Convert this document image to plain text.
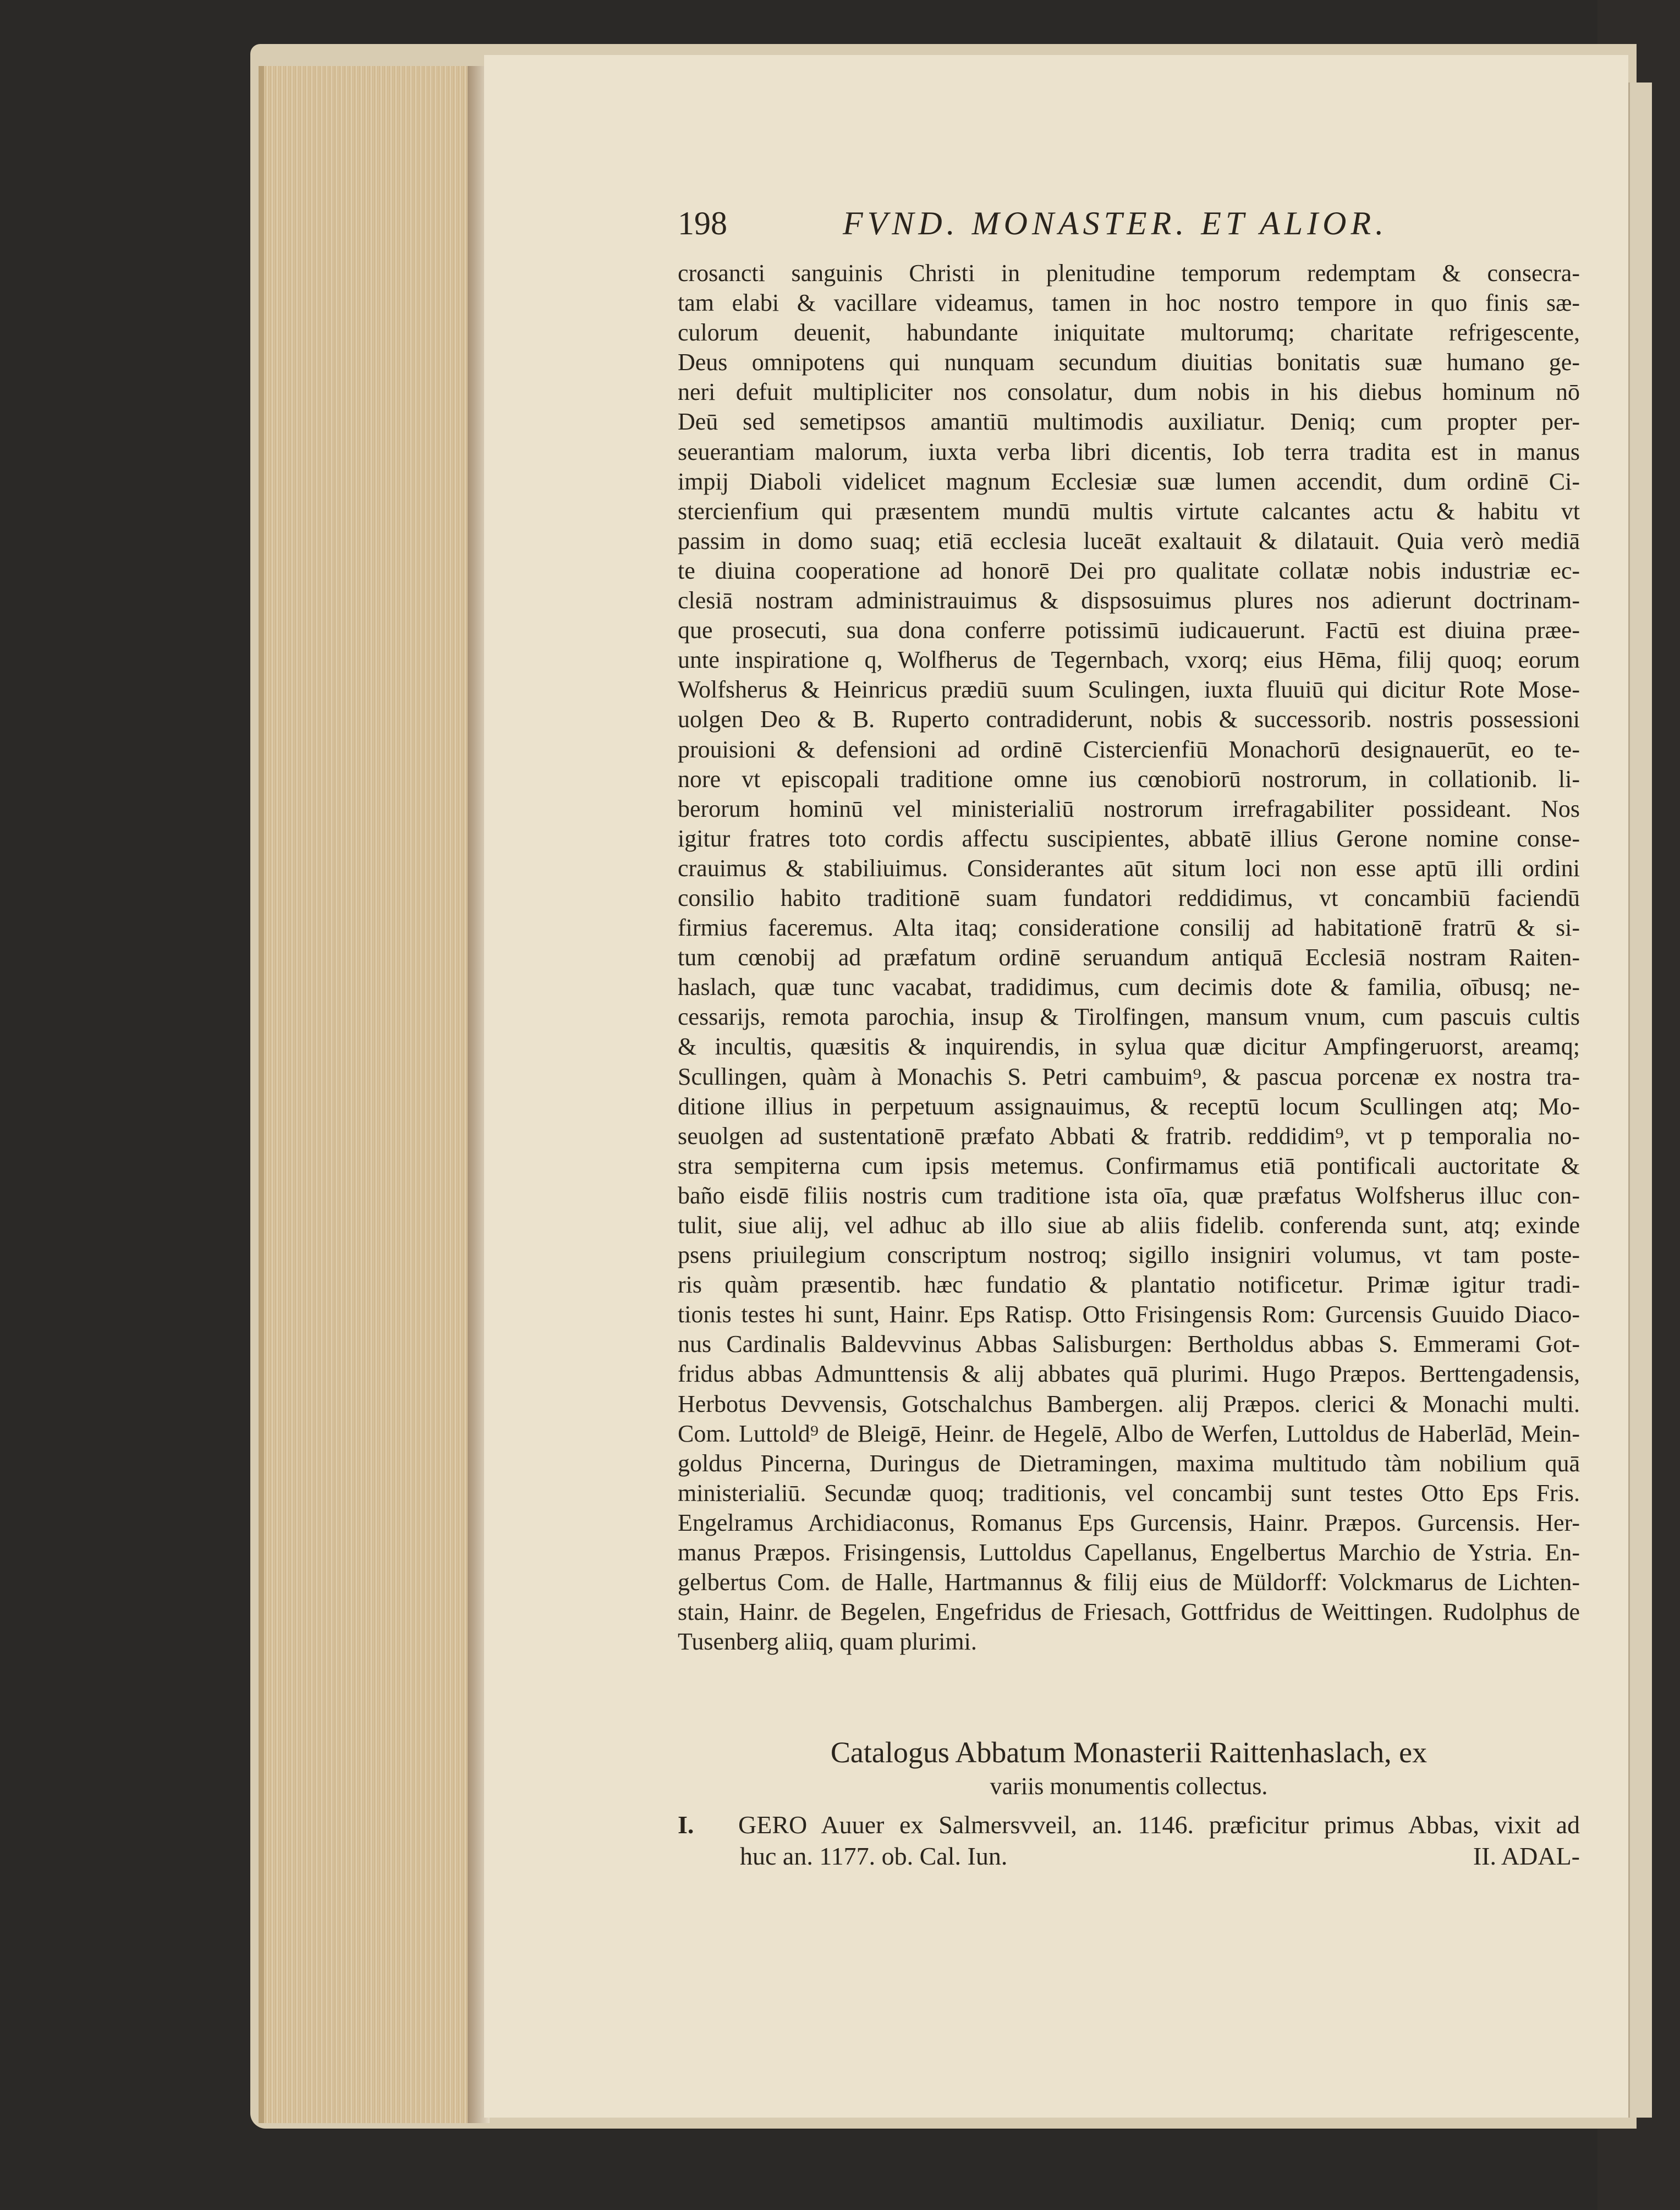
198	FVND. MONASTER. ET ALIOR.
crosancti sanguinis Christi in plenitudine temporum redemptam & consecra-
tam elabi & vacillare videamus, tamen in hoc nostro tempore in quo finis sæ-
culorum deuenit, habundante iniquitate multorumq; charitate refrigescente,
Deus omnipotens qui nunquam secundum diuitias bonitatis suæ humano ge-
neri defuit multipliciter nos consolatur, dum nobis in his diebus hominum nō
Deū sed semetipsos amantiū multimodis auxiliatur. Deniq; cum propter per-
seuerantiam malorum, iuxta verba libri dicentis, Iob terra tradita est in manus
impij Diaboli videlicet magnum Ecclesiæ suæ lumen accendit, dum ordinē Ci-
stercienfium qui præsentem mundū multis virtute calcantes actu & habitu vt
passim in domo suaq; etiā ecclesia luceāt exaltauit & dilatauit. Quia verò mediā
te diuina cooperatione ad honorē Dei pro qualitate collatæ nobis industriæ ec-
clesiā nostram administrauimus & dispsosuimus plures nos adierunt doctrinam-
que prosecuti, sua dona conferre potissimū iudicauerunt. Factū est diuina præe-
unte inspiratione q, Wolfherus de Tegernbach, vxorq; eius Hēma, filij quoq; eorum
Wolfsherus & Heinricus prædiū suum Sculingen, iuxta fluuiū qui dicitur Rote Mose-
uolgen Deo & B. Ruperto contradiderunt, nobis & successorib. nostris possessioni
prouisioni & defensioni ad ordinē Cistercienfiū Monachorū designauerūt, eo te-
nore vt episcopali traditione omne ius cœnobiorū nostrorum, in collationib. li-
berorum hominū vel ministerialiū nostrorum irrefragabiliter possideant. Nos
igitur fratres toto cordis affectu suscipientes, abbatē illius Gerone nomine conse-
crauimus & stabiliuimus. Considerantes aūt situm loci non esse aptū illi ordini
consilio habito traditionē suam fundatori reddidimus, vt concambiū faciendū
firmius faceremus. Alta itaq; consideratione consilij ad habitationē fratrū & si-
tum cœnobij ad præfatum ordinē seruandum antiquā Ecclesiā nostram Raiten-
haslach, quæ tunc vacabat, tradidimus, cum decimis dote & familia, oībusq; ne-
cessarijs, remota parochia, insup & Tirolfingen, mansum vnum, cum pascuis cultis
& incultis, quæsitis & inquirendis, in sylua quæ dicitur Ampfingeruorst, areamq;
Scullingen, quàm à Monachis S. Petri cambuim⁹, & pascua porcenæ ex nostra tra-
ditione illius in perpetuum assignauimus, & receptū locum Scullingen atq; Mo-
seuolgen ad sustentationē præfato Abbati & fratrib. reddidim⁹, vt p temporalia no-
stra sempiterna cum ipsis metemus. Confirmamus etiā pontificali auctoritate &
baño eisdē filiis nostris cum traditione ista oīa, quæ præfatus Wolfsherus illuc con-
tulit, siue alij, vel adhuc ab illo siue ab aliis fidelib. conferenda sunt, atq; exinde
psens priuilegium conscriptum nostroq; sigillo insigniri volumus, vt tam poste-
ris quàm præsentib. hæc fundatio & plantatio notificetur. Primæ igitur tradi-
tionis testes hi sunt, Hainr. Eps Ratisp. Otto Frisingensis Rom: Gurcensis Guuido Diaco-
nus Cardinalis Baldevvinus Abbas Salisburgen: Bertholdus abbas S. Emmerami Got-
fridus abbas Admunttensis & alij abbates quā plurimi. Hugo Præpos. Berttengadensis,
Herbotus Devvensis, Gotschalchus Bambergen. alij Præpos. clerici & Monachi multi.
Com. Luttold⁹ de Bleigē, Heinr. de Hegelē, Albo de Werfen, Luttoldus de Haberlād, Mein-
goldus Pincerna, Duringus de Dietramingen, maxima multitudo tàm nobilium quā
ministerialiū. Secundæ quoq; traditionis, vel concambij sunt testes Otto Eps Fris.
Engelramus Archidiaconus, Romanus Eps Gurcensis, Hainr. Præpos. Gurcensis. Her-
manus Præpos. Frisingensis, Luttoldus Capellanus, Engelbertus Marchio de Ystria. En-
gelbertus Com. de Halle, Hartmannus & filij eius de Müldorff: Volckmarus de Lichten-
stain, Hainr. de Begelen, Engefridus de Friesach, Gottfridus de Weittingen. Rudolphus de
Tusenberg aliiq, quam plurimi.
Catalogus Abbatum Monasterii Raittenhaslach, ex
variis monumentis collectus.
I. GERO Auuer ex Salmersvveil, an. 1146. præficitur primus Abbas, vixit ad
huc an. 1177. ob. Cal. Iun.	II. ADAL-
